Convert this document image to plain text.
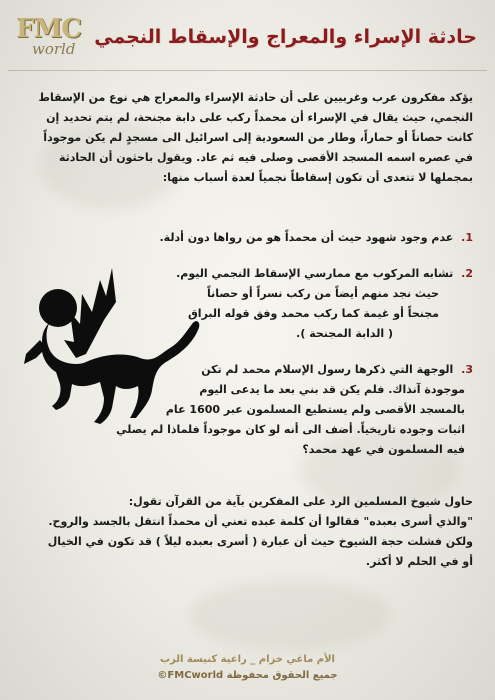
FMC
world
حادثة الإسراء والمعراج والإسقاط النجمي
يؤكد مفكرون عرب وغربيين على أن حادثة الإسراء والمعراج هي نوع من الإسقاط
النجمي، حيث يقال في الإسراء أن محمداً ركب على دابة مجنحة، لم يتم تحديد إن
كانت حصاناً أو حماراً، وطار من السعودية إلى اسرائيل الى مسجدٍ لم يكن موجوداً
في عصره اسمه المسجد الأقصى وصلى فيه ثم عاد. ويقول باحثون أن الحادثة
بمجملها لا تتعدى أن تكون إسقاطاً نجمياً لعدة أسباب منها:
1. عدم وجود شهود حيث أن محمداً هو من رواها دون أدلة.
2. تشابه المركوب مع ممارسي الإسقاط النجمي اليوم.
حيث نجد منهم أيضاً من ركب نسراً أو حصاناً
مجنحاً أو غيمة كما ركب محمد وفق قوله البراق
( الدابة المجنحة ).
3. الوجهة التي ذكرها رسول الإسلام محمد لم تكن
موجودة آنذاك. فلم يكن قد بني بعد ما يدعى اليوم
بالمسجد الأقصى ولم يستطيع المسلمون عبر 1600 عام
اثبات وجوده تاريخياً. أضف الى أنه لو كان موجوداً فلماذا لم يصلي
فيه المسلمون في عهد محمد؟
حاول شيوخ المسلمين الرد على المفكرين بآية من القرآن تقول:
"والذي أسرى بعبده" فقالوا أن كلمة عبده تعني أن محمداً انتقل بالجسد والروح.
ولكن فشلت حجة الشيوخ حيث أن عبارة ( أسرى بعبده ليلاً ) قد تكون في الخيال
أو في الحلم لا أكثر.
الأم ماغي خزام _ راعية كنيسة الرب
جميع الحقوق محفوظة FMCworld©
